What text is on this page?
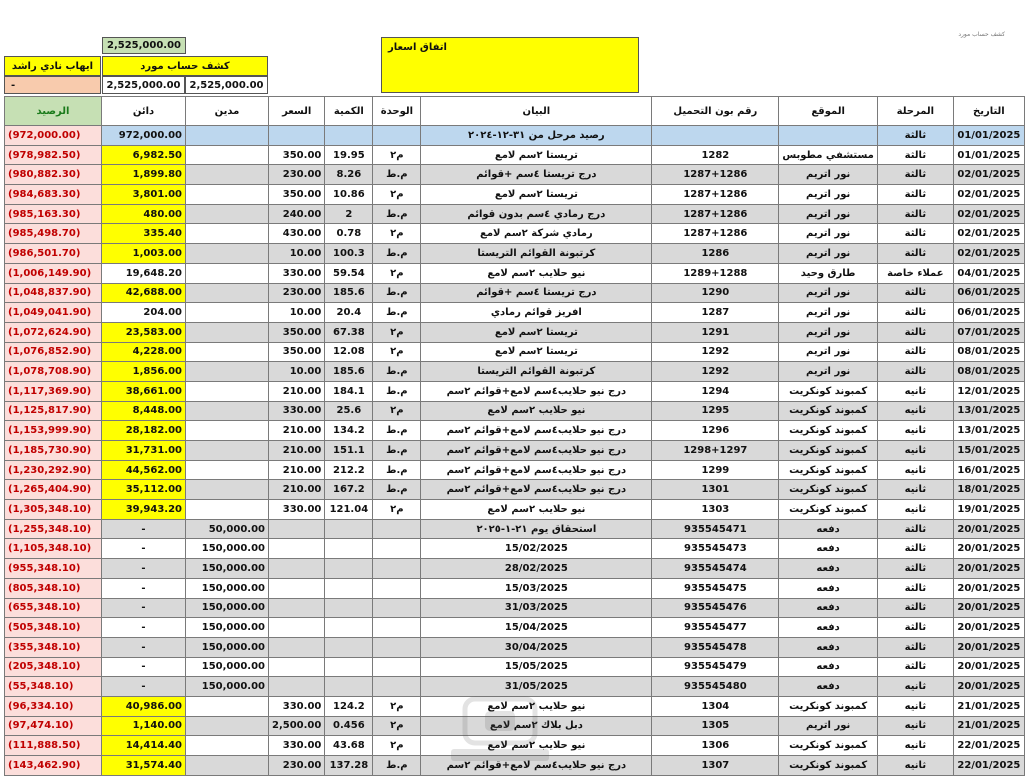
كشف حساب مورد
2,525,000.00
ايهاب نادي راشد	كشف حساب مورد
-	2,525,000.00 2,525,000.00
اتفاق اسعار
التاريخ	المرحلة	الموقع	رقم بون التحميل	البيان	الوحدة	الكمية	السعر	مدين	دائن	الرصيد
01/01/2025	ثالثة			رصيد مرحل من ٣١-١٢-٢٠٢٤					972,000.00	(972,000.00)
01/01/2025	ثالثة	مستشفي مطوبس	1282	تريستا ٢سم لامع	م٢	19.95	350.00		6,982.50	(978,982.50)
02/01/2025	ثالثة	نور اتريم	1287+1286	درج تريستا ٤سم +قوائم	م.ط	8.26	230.00		1,899.80	(980,882.30)
02/01/2025	ثالثة	نور اتريم	1287+1286	تريستا ٢سم لامع	م٢	10.86	350.00		3,801.00	(984,683.30)
02/01/2025	ثالثة	نور اتريم	1287+1286	درج رمادي ٤سم بدون قوائم	م.ط	2	240.00		480.00	(985,163.30)
02/01/2025	ثالثة	نور اتريم	1287+1286	رمادي شركة ٢سم لامع	م٢	0.78	430.00		335.40	(985,498.70)
02/01/2025	ثالثة	نور اتريم	1286	كرتبونة القوائم التريستا	م.ط	100.3	10.00		1,003.00	(986,501.70)
04/01/2025	عملاء خاصة	طارق وحيد	1289+1288	نيو حلايب ٢سم لامع	م٢	59.54	330.00		19,648.20	(1,006,149.90)
06/01/2025	ثالثة	نور اتريم	1290	درج تريستا ٤سم +قوائم	م.ط	185.6	230.00		42,688.00	(1,048,837.90)
06/01/2025	ثالثة	نور اتريم	1287	افريز قوائم رمادي	م.ط	20.4	10.00		204.00	(1,049,041.90)
07/01/2025	ثالثة	نور اتريم	1291	تريستا ٢سم لامع	م٢	67.38	350.00		23,583.00	(1,072,624.90)
08/01/2025	ثالثة	نور اتريم	1292	تريستا ٢سم لامع	م٢	12.08	350.00		4,228.00	(1,076,852.90)
08/01/2025	ثالثة	نور اتريم	1292	كرتبونة القوائم التريستا	م.ط	185.6	10.00		1,856.00	(1,078,708.90)
12/01/2025	ثانيه	كمبوند كونكريت	1294	درج نيو حلايب٤سم لامع+قوائم ٢سم	م.ط	184.1	210.00		38,661.00	(1,117,369.90)
13/01/2025	ثانيه	كمبوند كونكريت	1295	نيو حلايب ٢سم لامع	م٢	25.6	330.00		8,448.00	(1,125,817.90)
13/01/2025	ثانيه	كمبوند كونكريت	1296	درج نيو حلايب٤سم لامع+قوائم ٢سم	م.ط	134.2	210.00		28,182.00	(1,153,999.90)
15/01/2025	ثانيه	كمبوند كونكريت	1298+1297	درج نيو حلايب٤سم لامع+قوائم ٢سم	م.ط	151.1	210.00		31,731.00	(1,185,730.90)
16/01/2025	ثانيه	كمبوند كونكريت	1299	درج نيو حلايب٤سم لامع+قوائم ٢سم	م.ط	212.2	210.00		44,562.00	(1,230,292.90)
18/01/2025	ثانيه	كمبوند كونكريت	1301	درج نيو حلايب٤سم لامع+قوائم ٢سم	م.ط	167.2	210.00		35,112.00	(1,265,404.90)
19/01/2025	ثانيه	كمبوند كونكريت	1303	نيو حلايب ٢سم لامع	م٢	121.04	330.00		39,943.20	(1,305,348.10)
20/01/2025	ثالثة	دفعه	935545471	استحقاق يوم ٢١-١-٢٠٢٥				50,000.00	-	(1,255,348.10)
20/01/2025	ثالثة	دفعه	935545473	15/02/2025				150,000.00	-	(1,105,348.10)
20/01/2025	ثالثة	دفعه	935545474	28/02/2025				150,000.00	-	(955,348.10)
20/01/2025	ثالثة	دفعه	935545475	15/03/2025				150,000.00	-	(805,348.10)
20/01/2025	ثالثة	دفعه	935545476	31/03/2025				150,000.00	-	(655,348.10)
20/01/2025	ثالثة	دفعه	935545477	15/04/2025				150,000.00	-	(505,348.10)
20/01/2025	ثالثة	دفعه	935545478	30/04/2025				150,000.00	-	(355,348.10)
20/01/2025	ثالثة	دفعه	935545479	15/05/2025				150,000.00	-	(205,348.10)
20/01/2025	ثانيه	دفعه	935545480	31/05/2025				150,000.00	-	(55,348.10)
21/01/2025	ثانيه	كمبوند كونكريت	1304	نيو حلايب ٢سم لامع	م٢	124.2	330.00		40,986.00	(96,334.10)
21/01/2025	ثانيه	نور اتريم	1305	دبل بلاك ٢سم لامع	م٢	0.456	2,500.00		1,140.00	(97,474.10)
22/01/2025	ثانيه	كمبوند كونكريت	1306	نيو حلايب ٢سم لامع	م٢	43.68	330.00		14,414.40	(111,888.50)
22/01/2025	ثانيه	كمبوند كونكريت	1307	درج نيو حلايب٤سم لامع+قوائم ٢سم	م.ط	137.28	230.00		31,574.40	(143,462.90)
